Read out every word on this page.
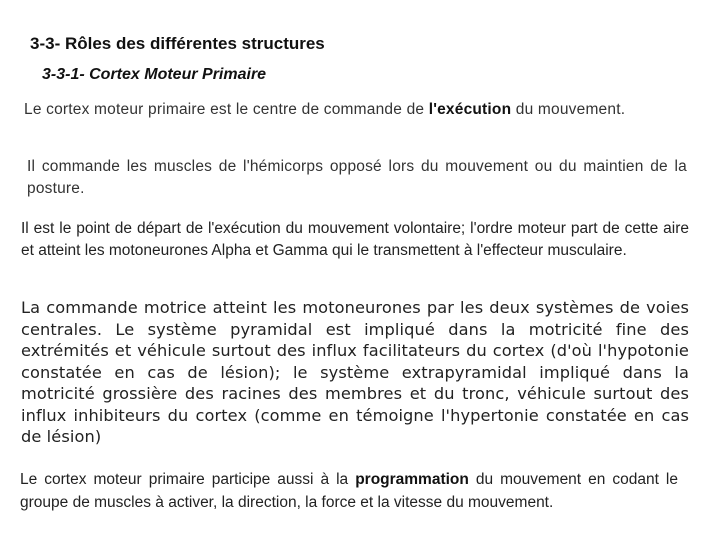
3-3- Rôles des différentes structures
3-3-1- Cortex Moteur Primaire
Le cortex moteur primaire est le centre de commande de l'exécution du mouvement.
Il commande les muscles de l'hémicorps opposé lors du mouvement ou du maintien de la posture.
Il est le point de départ de l'exécution du mouvement volontaire; l'ordre moteur part de cette aire et atteint les motoneurones Alpha et Gamma qui le transmettent à l'effecteur musculaire.
La commande motrice atteint les motoneurones par les deux systèmes de voies centrales. Le système pyramidal est impliqué dans la motricité fine des extrémités et véhicule surtout des influx facilitateurs du cortex (d'où l'hypotonie constatée en cas de lésion); le système extrapyramidal impliqué dans la motricité grossière des racines des membres et du tronc, véhicule surtout des influx inhibiteurs du cortex (comme en témoigne l'hypertonie constatée en cas de lésion)
Le cortex moteur primaire participe aussi à la programmation du mouvement en codant le groupe de muscles à activer, la direction, la force et la vitesse du mouvement.
